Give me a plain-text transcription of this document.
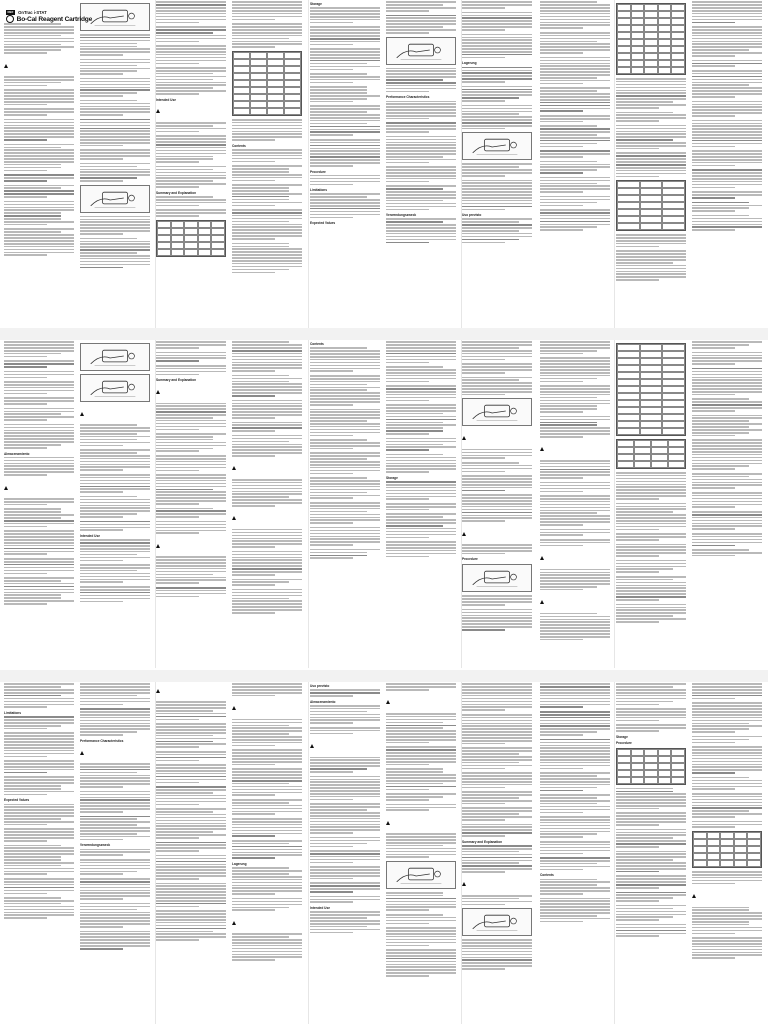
Intended Use
Summary and Explanation
Contents
Storage
Procedure
Limitations
Expected Values
Performance Characteristics
Verwendungszweck
Lagerung
Uso previsto
REF OnTrac i-STAT
Bo-Cal Reagent Cartridge
Almacenamiento
Intended Use
Summary and Explanation
Contents
Storage
Procedure
Limitations
Expected Values
Performance Characteristics
Verwendungszweck
Lagerung
Uso previsto
Almacenamiento
Intended Use
Summary and Explanation
Contents
Storage
Procedure
